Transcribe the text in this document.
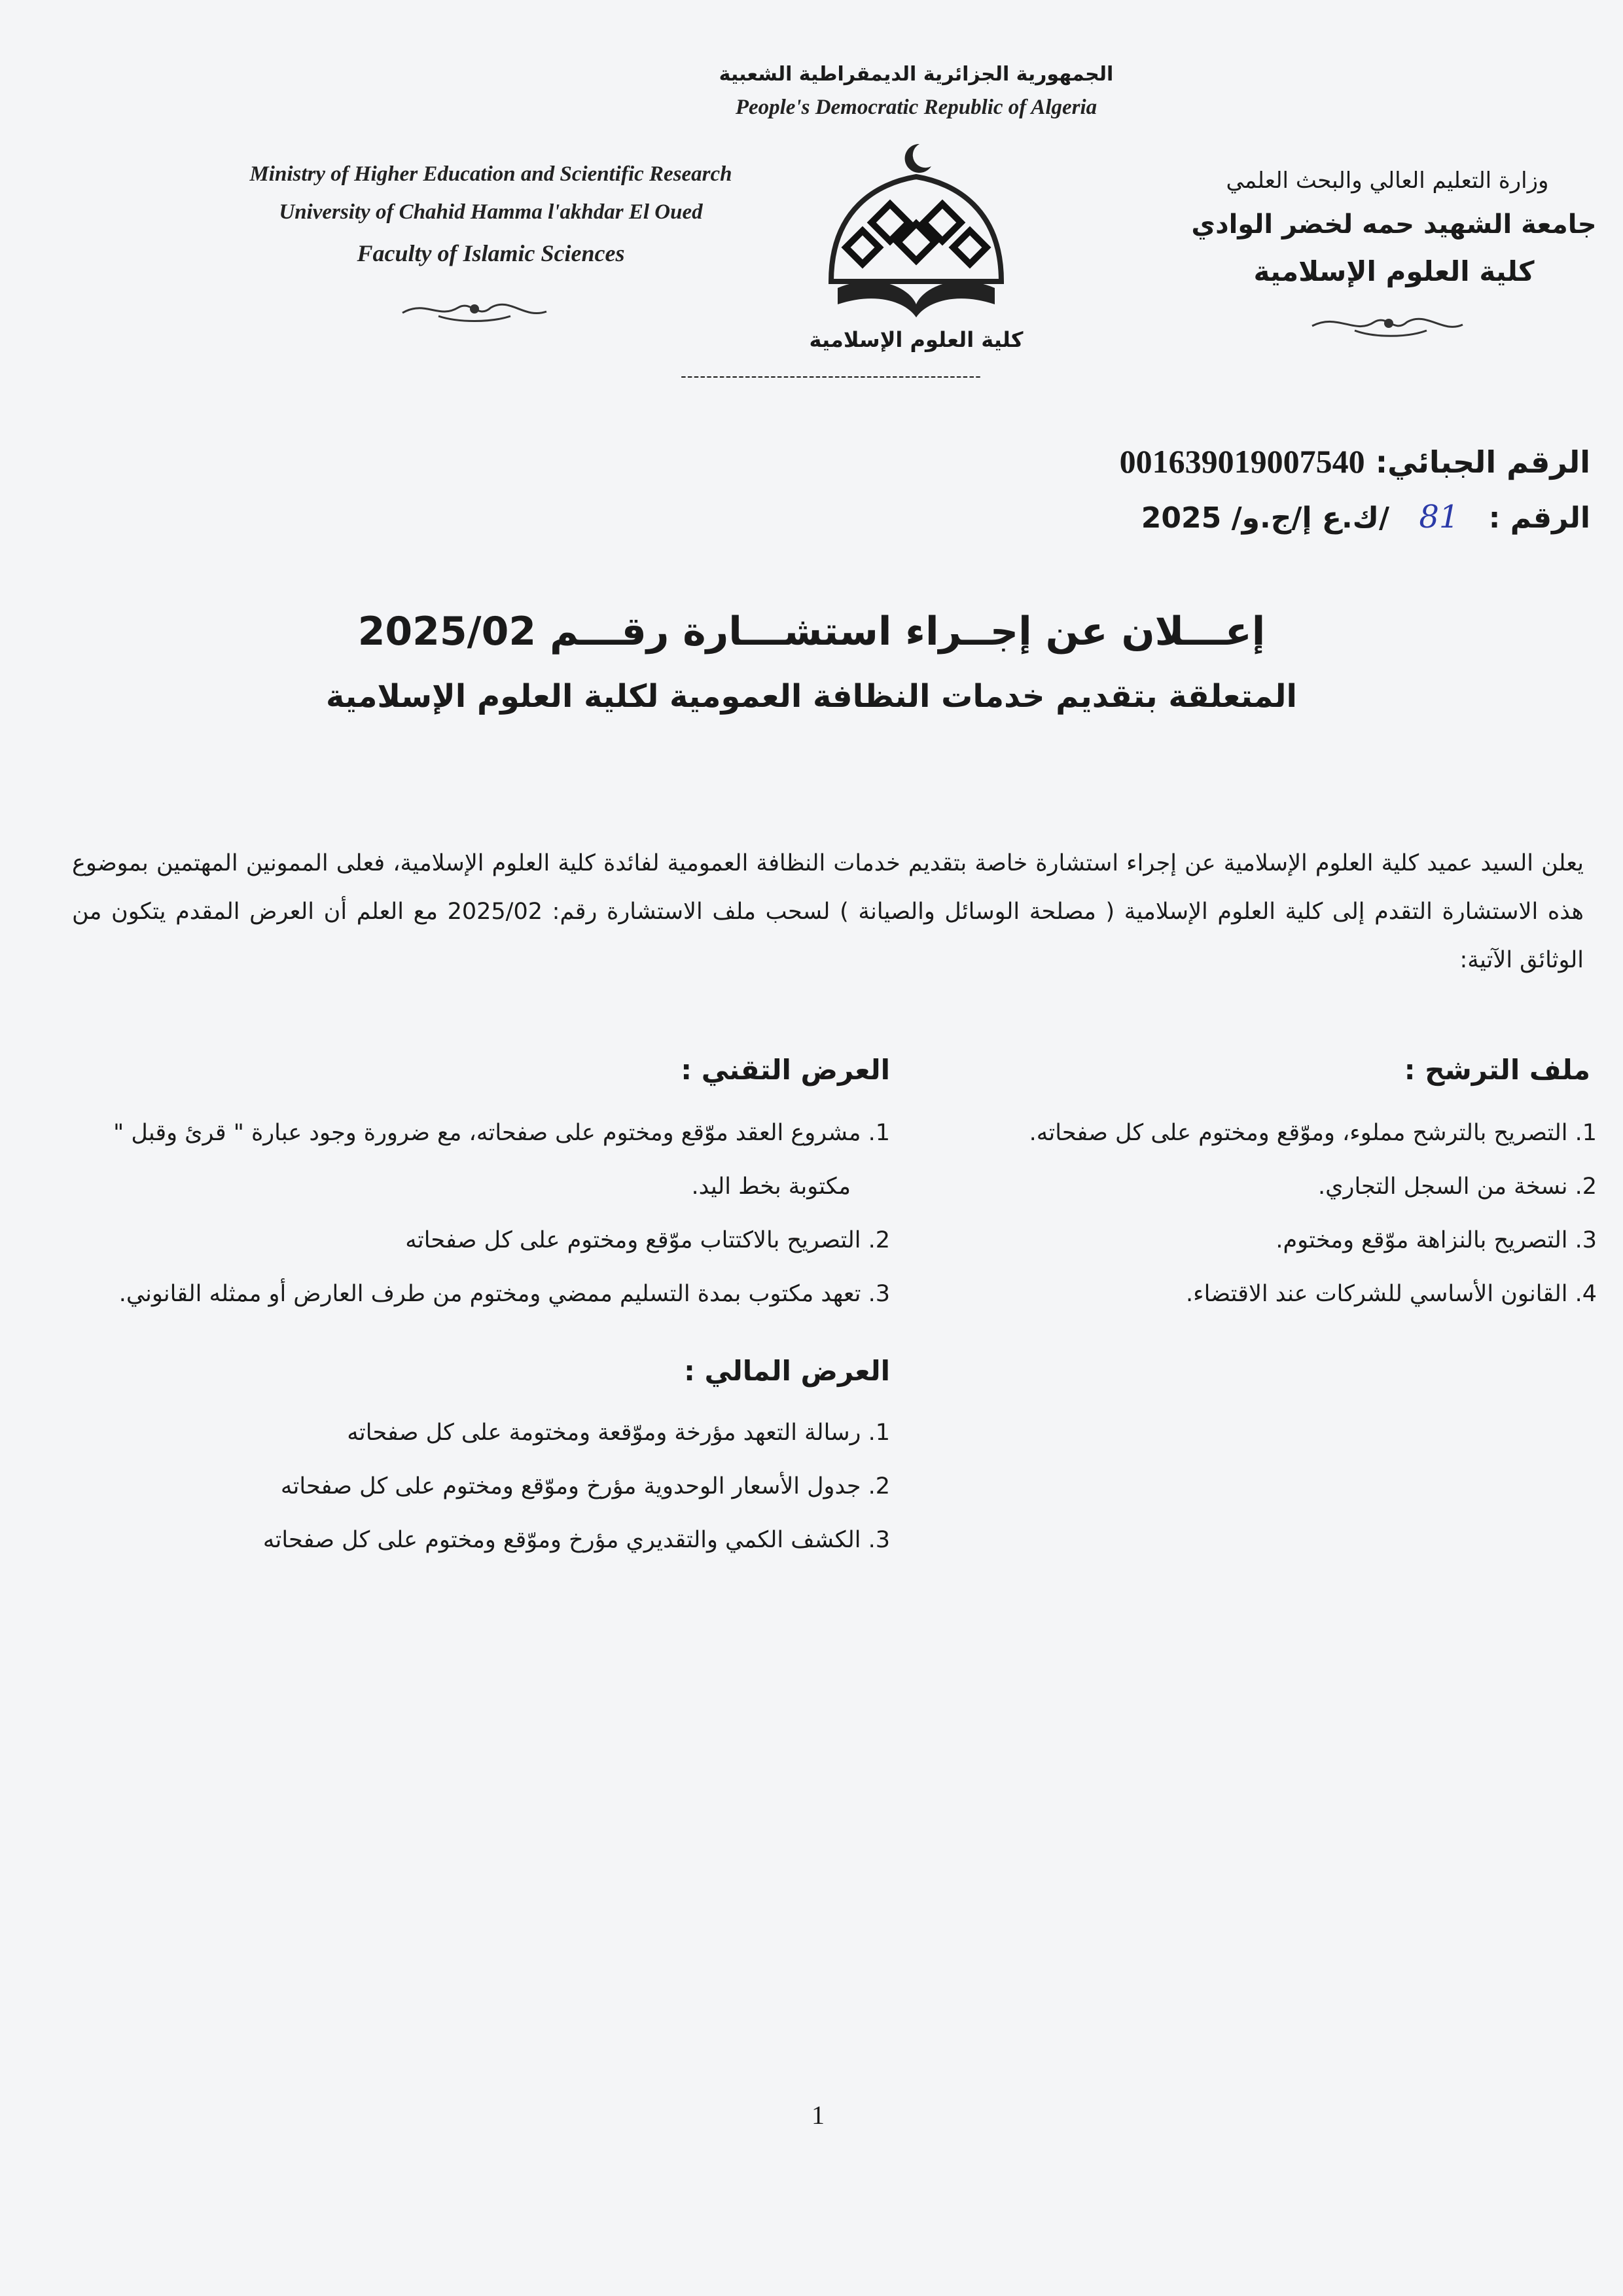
الجمهورية الجزائرية الديمقراطية الشعبية
People's Democratic Republic of Algeria
Ministry of Higher Education and Scientific Research
University of Chahid Hamma l'akhdar El Oued
Faculty of Islamic Sciences
كلية العلوم الإسلامية
-----------------------------------------------
وزارة التعليم العالي والبحث العلمي
جامعة الشهيد حمه لخضر الوادي
كلية العلوم الإسلامية
الرقم الجبائي: 001639019007540
الرقم : 81 /ك.ع إ/ج.و/ 2025
إعـــلان عن إجــراء استشـــارة رقـــم 2025/02
المتعلقة بتقديم خدمات النظافة العمومية لكلية العلوم الإسلامية
يعلن السيد عميد كلية العلوم الإسلامية عن إجراء استشارة خاصة بتقديم خدمات النظافة العمومية لفائدة كلية العلوم الإسلامية، فعلى الممونين المهتمين بموضوع هذه الاستشارة التقدم إلى كلية العلوم الإسلامية ( مصلحة الوسائل والصيانة ) لسحب ملف الاستشارة رقم: 2025/02 مع العلم أن العرض المقدم يتكون من الوثائق الآتية:
ملف الترشح :
1. التصريح بالترشح مملوء، وموّقع ومختوم على كل صفحاته.
2. نسخة من السجل التجاري.
3. التصريح بالنزاهة موّقع ومختوم.
4. القانون الأساسي للشركات عند الاقتضاء.
العرض التقني :
1. مشروع العقد موّقع ومختوم على صفحاته، مع ضرورة وجود عبارة " قرئ وقبل "
مكتوبة بخط اليد.
2. التصريح بالاكتتاب موّقع ومختوم على كل صفحاته
3. تعهد مكتوب بمدة التسليم ممضي ومختوم من طرف العارض أو ممثله القانوني.
العرض المالي :
1. رسالة التعهد مؤرخة وموّقعة ومختومة على كل صفحاته
2. جدول الأسعار الوحدوية مؤرخ وموّقع ومختوم على كل صفحاته
3. الكشف الكمي والتقديري مؤرخ وموّقع ومختوم على كل صفحاته
1
